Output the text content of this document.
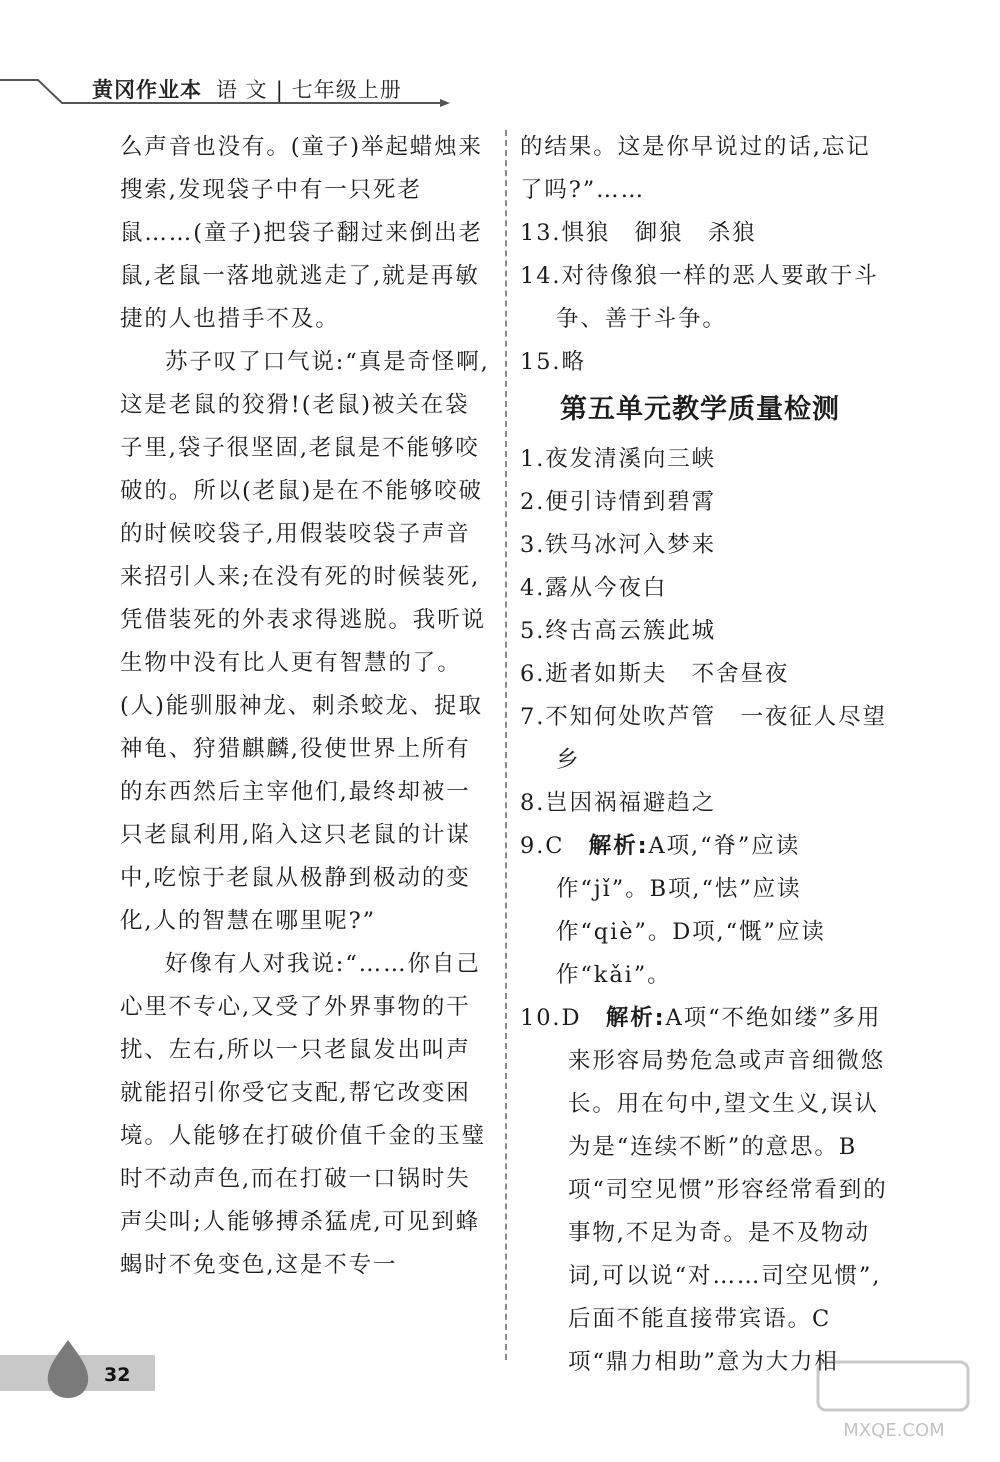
黄冈作业本 语 文 | 七年级上册

么声音也没有。(童子)举起蜡烛来搜索,发现袋子中有一只死老鼠……(童子)把袋子翻过来倒出老鼠,老鼠一落地就逃走了,就是再敏捷的人也措手不及。

苏子叹了口气说:“真是奇怪啊,这是老鼠的狡猾!(老鼠)被关在袋子里,袋子很坚固,老鼠是不能够咬破的。所以(老鼠)是在不能够咬破的时候咬袋子,用假装咬袋子声音来招引人来;在没有死的时候装死,凭借装死的外表求得逃脱。我听说生物中没有比人更有智慧的了。(人)能驯服神龙、刺杀蛟龙、捉取神龟、狩猎麒麟,役使世界上所有的东西然后主宰他们,最终却被一只老鼠利用,陷入这只老鼠的计谋中,吃惊于老鼠从极静到极动的变化,人的智慧在哪里呢?”

好像有人对我说:“……你自己心里不专心,又受了外界事物的干扰、左右,所以一只老鼠发出叫声就能招引你受它支配,帮它改变困境。人能够在打破价值千金的玉璧时不动声色,而在打破一口锅时失声尖叫;人能够搏杀猛虎,可见到蜂蝎时不免变色,这是不专一

的结果。这是你早说过的话,忘记了吗?”……

13.惧狼　御狼　杀狼

14.对待像狼一样的恶人要敢于斗争、善于斗争。

15.略

第五单元教学质量检测

1.夜发清溪向三峡

2.便引诗情到碧霄

3.铁马冰河入梦来

4.露从今夜白

5.终古高云簇此城

6.逝者如斯夫　不舍昼夜

7.不知何处吹芦管　一夜征人尽望乡

8.岂因祸福避趋之

9.C　 解析:A项,“脊”应读作“jǐ”。B项,“怯”应读作“qiè”。D项,“慨”应读作“kǎi”。

10.D　 解析:A项“不绝如缕”多用来形容局势危急或声音细微悠长。用在句中,望文生义,误认为是“连续不断”的意思。B项“司空见惯”形容经常看到的事物,不足为奇。是不及物动词,可以说“对……司空见惯”,后面不能直接带宾语。C项“鼎力相助”意为大力相

32
MXQE.COM
